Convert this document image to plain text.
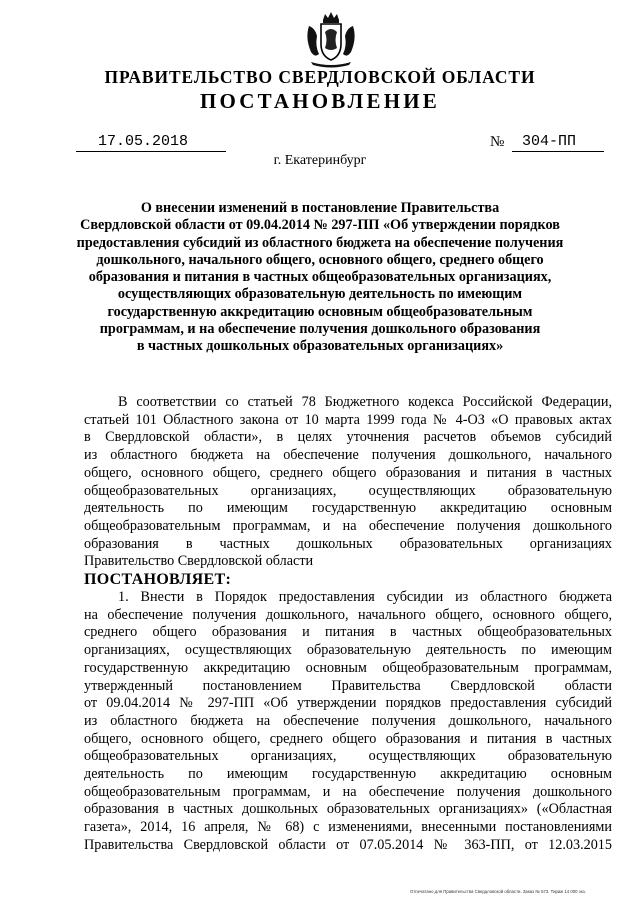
ПРАВИТЕЛЬСТВО СВЕРДЛОВСКОЙ ОБЛАСТИ
ПОСТАНОВЛЕНИЕ
17.05.2018	№	304-ПП
г. Екатеринбург
О внесении изменений в постановление Правительства
Свердловской области от 09.04.2014 № 297-ПП «Об утверждении порядков
предоставления субсидий из областного бюджета на обеспечение получения
дошкольного, начального общего, основного общего, среднего общего
образования и питания в частных общеобразовательных организациях,
осуществляющих образовательную деятельность по имеющим
государственную аккредитацию основным общеобразовательным
программам, и на обеспечение получения дошкольного образования
в частных дошкольных образовательных организациях»
В соответствии со статьей 78 Бюджетного кодекса Российской Федерации,
статьей 101 Областного закона от 10 марта 1999 года № 4-ОЗ «О правовых актах
в Свердловской области», в целях уточнения расчетов объемов субсидий
из областного бюджета на обеспечение получения дошкольного, начального
общего, основного общего, среднего общего образования и питания в частных
общеобразовательных организациях, осуществляющих образовательную
деятельность по имеющим государственную аккредитацию основным
общеобразовательным программам, и на обеспечение получения дошкольного
образования в частных дошкольных образовательных организациях
Правительство Свердловской области
ПОСТАНОВЛЯЕТ:
1. Внести в Порядок предоставления субсидии из областного бюджета
на обеспечение получения дошкольного, начального общего, основного общего,
среднего общего образования и питания в частных общеобразовательных
организациях, осуществляющих образовательную деятельность по имеющим
государственную аккредитацию основным общеобразовательным программам,
утвержденный постановлением Правительства Свердловской области
от 09.04.2014 № 297-ПП «Об утверждении порядков предоставления субсидий
из областного бюджета на обеспечение получения дошкольного, начального
общего, основного общего, среднего общего образования и питания в частных
общеобразовательных организациях, осуществляющих образовательную
деятельность по имеющим государственную аккредитацию основным
общеобразовательным программам, и на обеспечение получения дошкольного
образования в частных дошкольных образовательных организациях» («Областная
газета», 2014, 16 апреля, № 68) с изменениями, внесенными постановлениями
Правительства Свердловской области от 07.05.2014 № 363-ПП, от 12.03.2015
Отпечатано для Правительства Свердловской области. Заказ № 573. Тираж 14 000 экз.
